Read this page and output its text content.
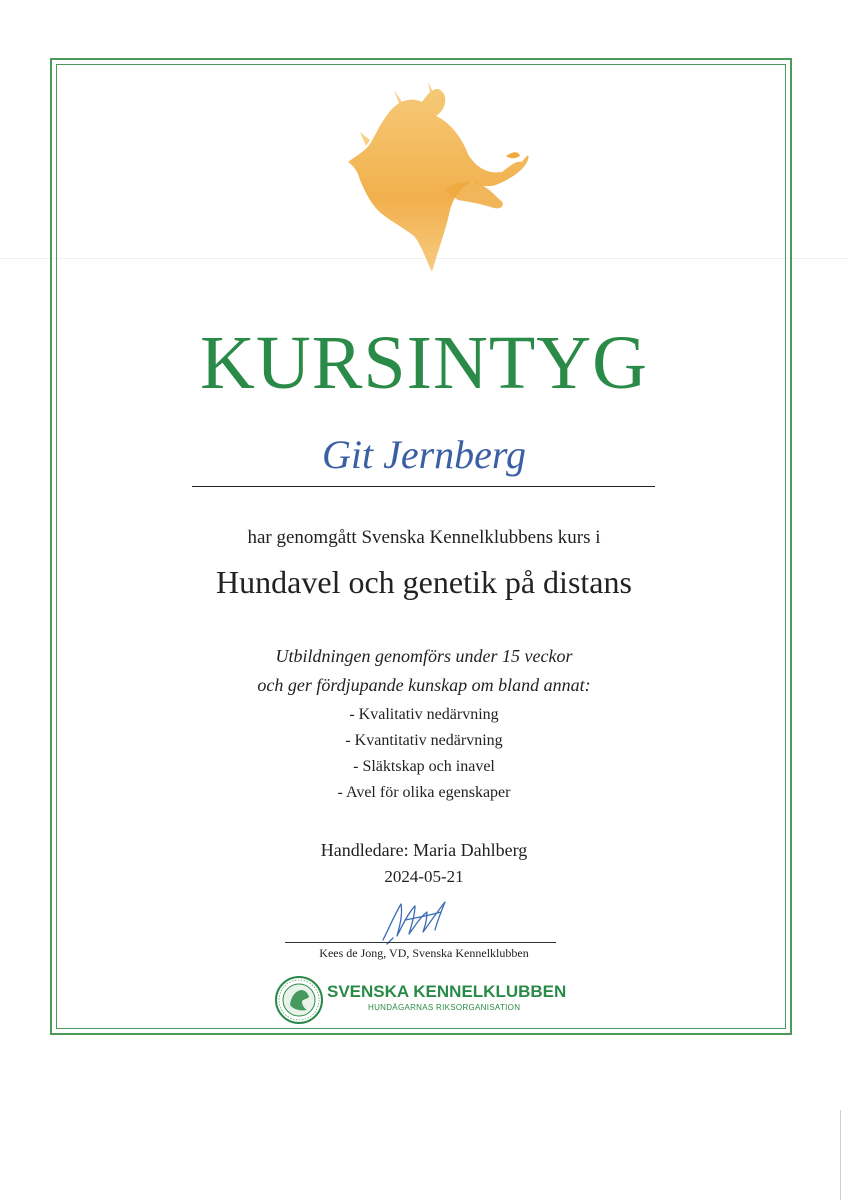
KURSINTYG
Git Jernberg
har genomgått Svenska Kennelklubbens kurs i
Hundavel och genetik på distans
Utbildningen genomförs under 15 veckor
och ger fördjupande kunskap om bland annat:
- Kvalitativ nedärvning
- Kvantitativ nedärvning
- Släktskap och inavel
- Avel för olika egenskaper
Handledare: Maria Dahlberg
2024-05-21
Kees de Jong, VD, Svenska Kennelklubben
SVENSKA KENNELKLUBBEN
HUNDÄGARNAS RIKSORGANISATION
